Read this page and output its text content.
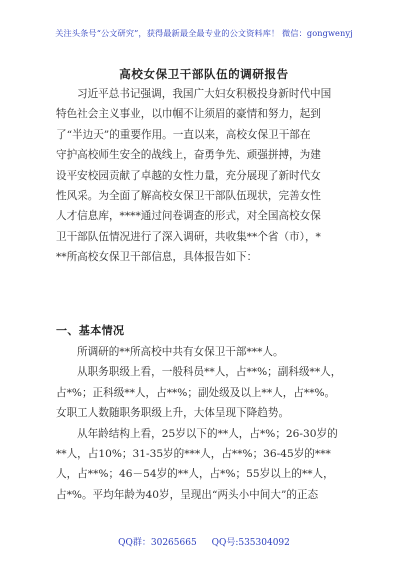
关注头条号“公文研究”，获得最新最全最专业的公文资料库！ 微信：gongwenyj
高校女保卫干部队伍的调研报告
习近平总书记强调，我国广大妇女积极投身新时代中国
特色社会主义事业，以巾帼不让须眉的豪情和努力，起到
了“半边天”的重要作用。一直以来，高校女保卫干部在
守护高校师生安全的战线上，奋勇争先、顽强拼搏，为建
设平安校园贡献了卓越的女性力量，充分展现了新时代女
性风采。为全面了解高校女保卫干部队伍现状，完善女性
人才信息库，****通过问卷调查的形式，对全国高校女保
卫干部队伍情况进行了深入调研，共收集**个省（市），*
**所高校女保卫干部信息，具体报告如下：
一、基本情况
所调研的**所高校中共有女保卫干部***人。
从职务职级上看，一般科员**人，占**%；副科级**人，
占*%；正科级**人，占**%；副处级及以上**人，占**%。
女职工人数随职务职级上升，大体呈现下降趋势。
从年龄结构上看，25岁以下的**人，占*%；26-30岁的
**人，占10%；31-35岁的***人，占**%；36-45岁的***
人，占**%；46－54岁的**人，占*%；55岁以上的**人，
占*%。平均年龄为40岁，呈现出“两头小中间大”的正态
QQ群：30265665 QQ号:535304092
